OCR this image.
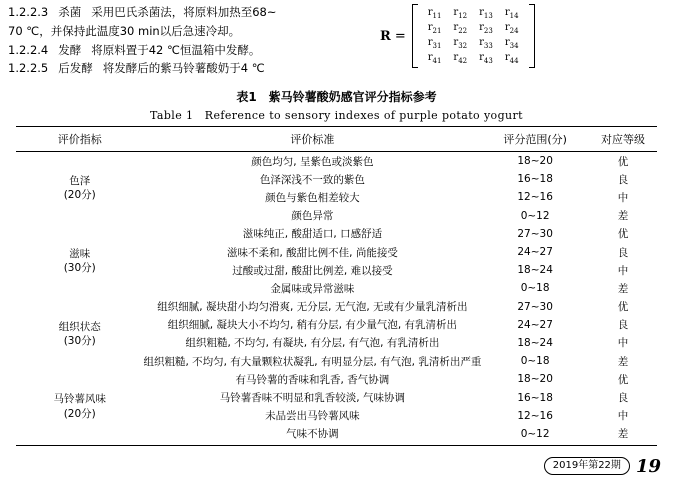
1.2.2.3 杀菌 采用巴氏杀菌法，将原料加热至68~
70 ℃，并保持此温度30 min以后急速冷却。
1.2.2.4 发酵 将原料置于42 ℃恒温箱中发酵。
1.2.2.5 后发酵 将发酵后的紫马铃薯酸奶于4 ℃
R =
$r_{11}$	$r_{12}$	$r_{13}$	$r_{14}$
$r_{21}$	$r_{22}$	$r_{23}$	$r_{24}$
$r_{31}$	$r_{32}$	$r_{33}$	$r_{34}$
$r_{41}$	$r_{42}$	$r_{43}$	$r_{44}$
表1　紫马铃薯酸奶感官评分指标参考
Table 1　Reference to sensory indexes of purple potato yogurt
评价指标	评价标准	评分范围(分)	对应等级

色泽
(20分)	颜色均匀, 呈紫色或淡紫色	18~20	优
	色泽深浅不一致的紫色	16~18	良
	颜色与紫色相差较大	12~16	中
	颜色异常	0~12	差

滋味
(30分)	滋味纯正, 酸甜适口, 口感舒适	27~30	优
	滋味不柔和, 酸甜比例不佳, 尚能接受	24~27	良
	过酸或过甜, 酸甜比例差, 难以接受	18~24	中
	金属味或异常滋味	0~18	差

组织状态
(30分)	组织细腻, 凝块甜小均匀滑爽, 无分层, 无气泡, 无或有少量乳清析出	27~30	优
	组织细腻, 凝块大小不均匀, 稍有分层, 有少量气泡, 有乳清析出	24~27	良
	组织粗糙, 不均匀, 有凝块, 有分层, 有气泡, 有乳清析出	18~24	中
	组织粗糙, 不均匀, 有大量颗粒状凝乳, 有明显分层, 有气泡, 乳清析出严重	0~18	差

马铃薯风味
(20分)	有马铃薯的香味和乳香, 香气协调	18~20	优
	马铃薯香味不明显和乳香较淡, 气味协调	16~18	良
	未品尝出马铃薯风味	12~16	中
	气味不协调	0~12	差
2019年第22期 19
